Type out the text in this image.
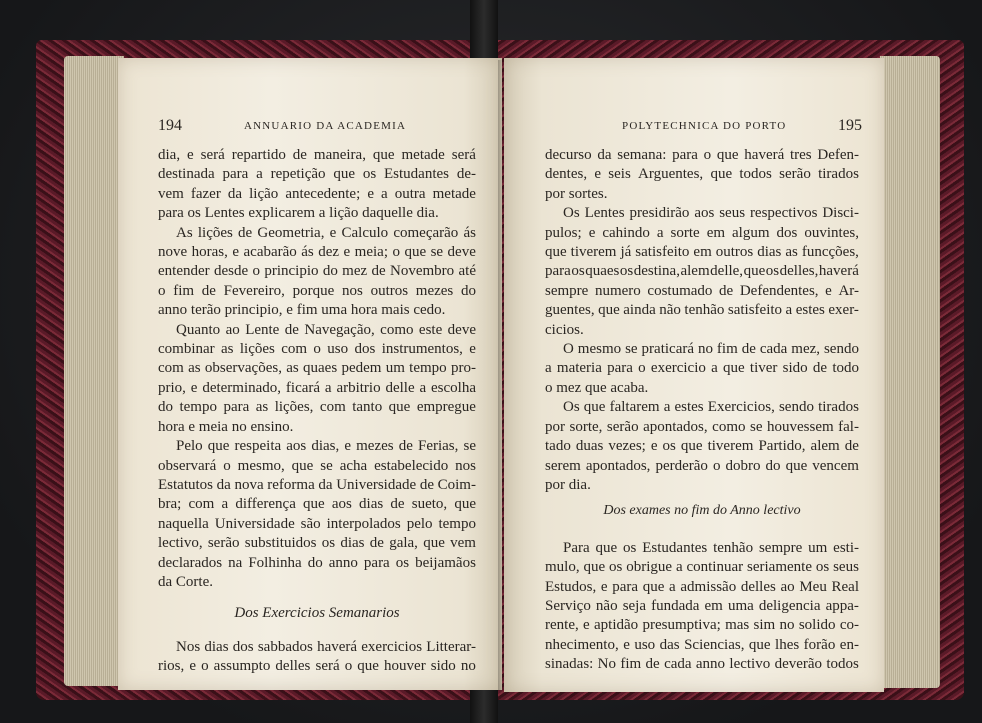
194	ANNUARIO DA ACADEMIA
dia, e será repartido de maneira, que metade será
destinada para a repetição que os Estudantes de-
vem fazer da lição antecedente; e a outra metade
para os Lentes explicarem a lição daquelle dia.
As lições de Geometria, e Calculo começarão ás
nove horas, e acabarão ás dez e meia; o que se deve
entender desde o principio do mez de Novembro até
o fim de Fevereiro, porque nos outros mezes do
anno terão principio, e fim uma hora mais cedo.
Quanto ao Lente de Navegação, como este deve
combinar as lições com o uso dos instrumentos, e
com as observações, as quaes pedem um tempo pro-
prio, e determinado, ficará a arbitrio delle a escolha
do tempo para as lições, com tanto que empregue
hora e meia no ensino.
Pelo que respeita aos dias, e mezes de Ferias, se
observará o mesmo, que se acha estabelecido nos
Estatutos da nova reforma da Universidade de Coim-
bra; com a differença que aos dias de sueto, que
naquella Universidade são interpolados pelo tempo
lectivo, serão substituidos os dias de gala, que vem
declarados na Folhinha do anno para os beijamãos
da Corte.
Dos Exercicios Semanarios
Nos dias dos sabbados haverá exercicios Litterar-
rios, e o assumpto delles será o que houver sido no
POLYTECHNICA DO PORTO	195
decurso da semana: para o que haverá tres Defen-
dentes, e seis Arguentes, que todos serão tirados
por sortes.
Os Lentes presidirão aos seus respectivos Disci-
pulos; e cahindo a sorte em algum dos ouvintes,
que tiverem já satisfeito em outros dias as funcções,
para os quaes os destina, alem delle, que os delles, haverá
sempre numero costumado de Defendentes, e Ar-
guentes, que ainda não tenhão satisfeito a estes exer-
cicios.
O mesmo se praticará no fim de cada mez, sendo
a materia para o exercicio a que tiver sido de todo
o mez que acaba.
Os que faltarem a estes Exercicios, sendo tirados
por sorte, serão apontados, como se houvessem fal-
tado duas vezes; e os que tiverem Partido, alem de
serem apontados, perderão o dobro do que vencem
por dia.
Dos exames no fim do Anno lectivo
Para que os Estudantes tenhão sempre um esti-
mulo, que os obrigue a continuar seriamente os seus
Estudos, e para que a admissão delles ao Meu Real
Serviço não seja fundada em uma deligencia appa-
rente, e aptidão presumptiva; mas sim no solido co-
nhecimento, e uso das Sciencias, que lhes forão en-
sinadas: No fim de cada anno lectivo deverão todos
